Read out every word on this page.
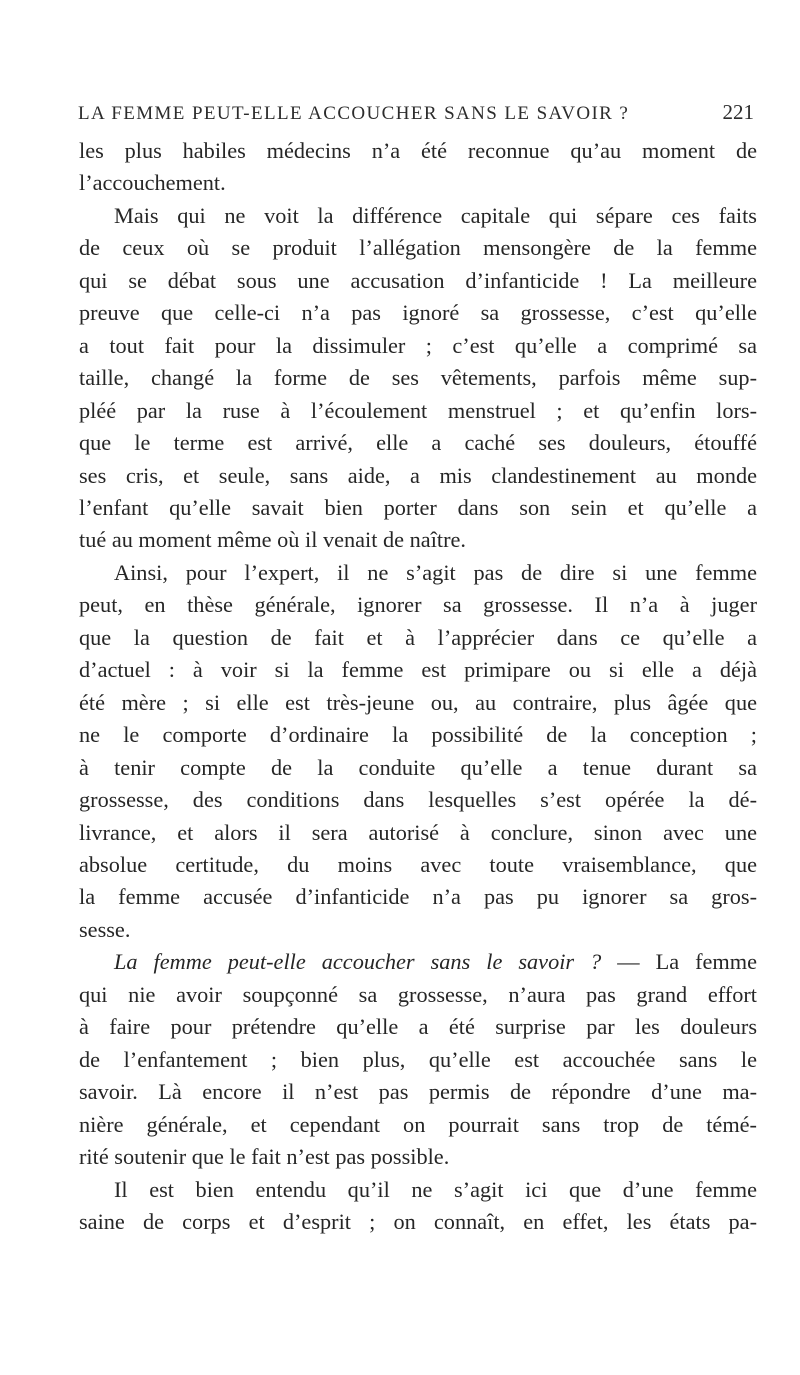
LA FEMME PEUT-ELLE ACCOUCHER SANS LE SAVOIR ?	221

les plus habiles médecins n’a été reconnue qu’au moment de
l’accouchement.

Mais qui ne voit la différence capitale qui sépare ces faits
de ceux où se produit l’allégation mensongère de la femme
qui se débat sous une accusation d’infanticide ! La meilleure
preuve que celle-ci n’a pas ignoré sa grossesse, c’est qu’elle
a tout fait pour la dissimuler ; c’est qu’elle a comprimé sa
taille, changé la forme de ses vêtements, parfois même sup-
pléé par la ruse à l’écoulement menstruel ; et qu’enfin lors-
que le terme est arrivé, elle a caché ses douleurs, étouffé
ses cris, et seule, sans aide, a mis clandestinement au monde
l’enfant qu’elle savait bien porter dans son sein et qu’elle a
tué au moment même où il venait de naître.

Ainsi, pour l’expert, il ne s’agit pas de dire si une femme
peut, en thèse générale, ignorer sa grossesse. Il n’a à juger
que la question de fait et à l’apprécier dans ce qu’elle a
d’actuel : à voir si la femme est primipare ou si elle a déjà
été mère ; si elle est très-jeune ou, au contraire, plus âgée que
ne le comporte d’ordinaire la possibilité de la conception ;
à tenir compte de la conduite qu’elle a tenue durant sa
grossesse, des conditions dans lesquelles s’est opérée la dé-
livrance, et alors il sera autorisé à conclure, sinon avec une
absolue certitude, du moins avec toute vraisemblance, que
la femme accusée d’infanticide n’a pas pu ignorer sa gros-
sesse.

La femme peut-elle accoucher sans le savoir ? — La femme
qui nie avoir soupçonné sa grossesse, n’aura pas grand effort
à faire pour prétendre qu’elle a été surprise par les douleurs
de l’enfantement ; bien plus, qu’elle est accouchée sans le
savoir. Là encore il n’est pas permis de répondre d’une ma-
nière générale, et cependant on pourrait sans trop de témé-
rité soutenir que le fait n’est pas possible.

Il est bien entendu qu’il ne s’agit ici que d’une femme
saine de corps et d’esprit ; on connaît, en effet, les états pa-
